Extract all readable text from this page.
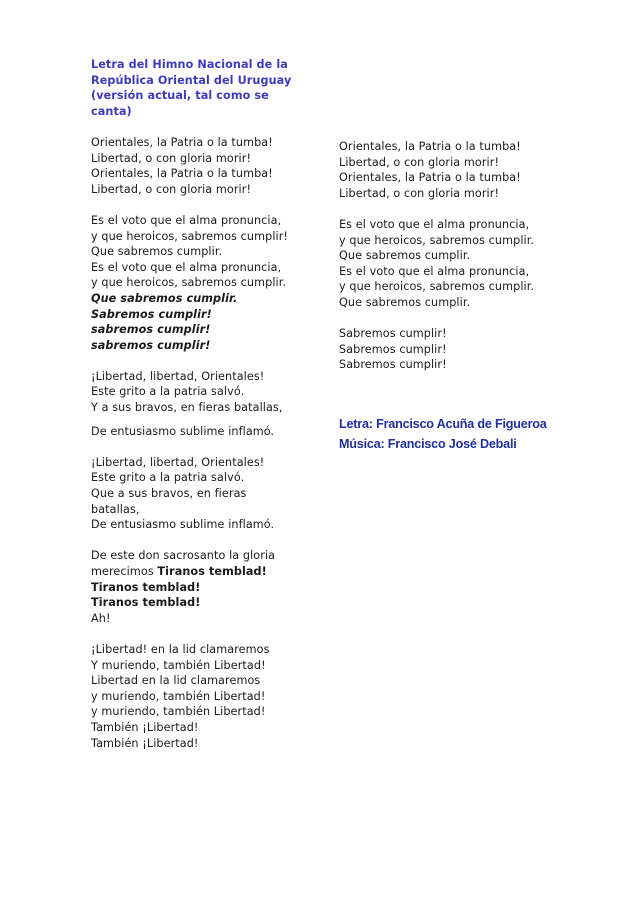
Letra del Himno Nacional de la República Oriental del Uruguay (versión actual, tal como se canta)
Orientales, la Patria o la tumba!
Libertad, o con gloria morir!
Orientales, la Patria o la tumba!
Libertad, o con gloria morir!
Es el voto que el alma pronuncia,
y que heroicos, sabremos cumplir!
Que sabremos cumplir.
Es el voto que el alma pronuncia,
y que heroicos, sabremos cumplir.
Que sabremos cumplir.
Sabremos cumplir!
sabremos cumplir!
sabremos cumplir!
¡Libertad, libertad, Orientales!
Este grito a la patria salvó.
Y a sus bravos, en fieras batallas,
De entusiasmo sublime inflamó.
¡Libertad, libertad, Orientales!
Este grito a la patria salvó.
Que a sus bravos, en fieras batallas,
De entusiasmo sublime inflamó.
De este don sacrosanto la gloria
merecimos Tiranos temblad!
Tiranos temblad!
Tiranos temblad!
Ah!
¡Libertad! en la lid clamaremos
Y muriendo, también Libertad!
Libertad en la lid clamaremos
y muriendo, también Libertad!
y muriendo, también Libertad!
También ¡Libertad!
También ¡Libertad!
Orientales, la Patria o la tumba!
Libertad, o con gloria morir!
Orientales, la Patria o la tumba!
Libertad, o con gloria morir!
Es el voto que el alma pronuncia,
y que heroicos, sabremos cumplir.
Que sabremos cumplir.
Es el voto que el alma pronuncia,
y que heroicos, sabremos cumplir.
Que sabremos cumplir.
Sabremos cumplir!
Sabremos cumplir!
Sabremos cumplir!
Letra: Francisco Acuña de Figueroa
Música: Francisco José Debali
